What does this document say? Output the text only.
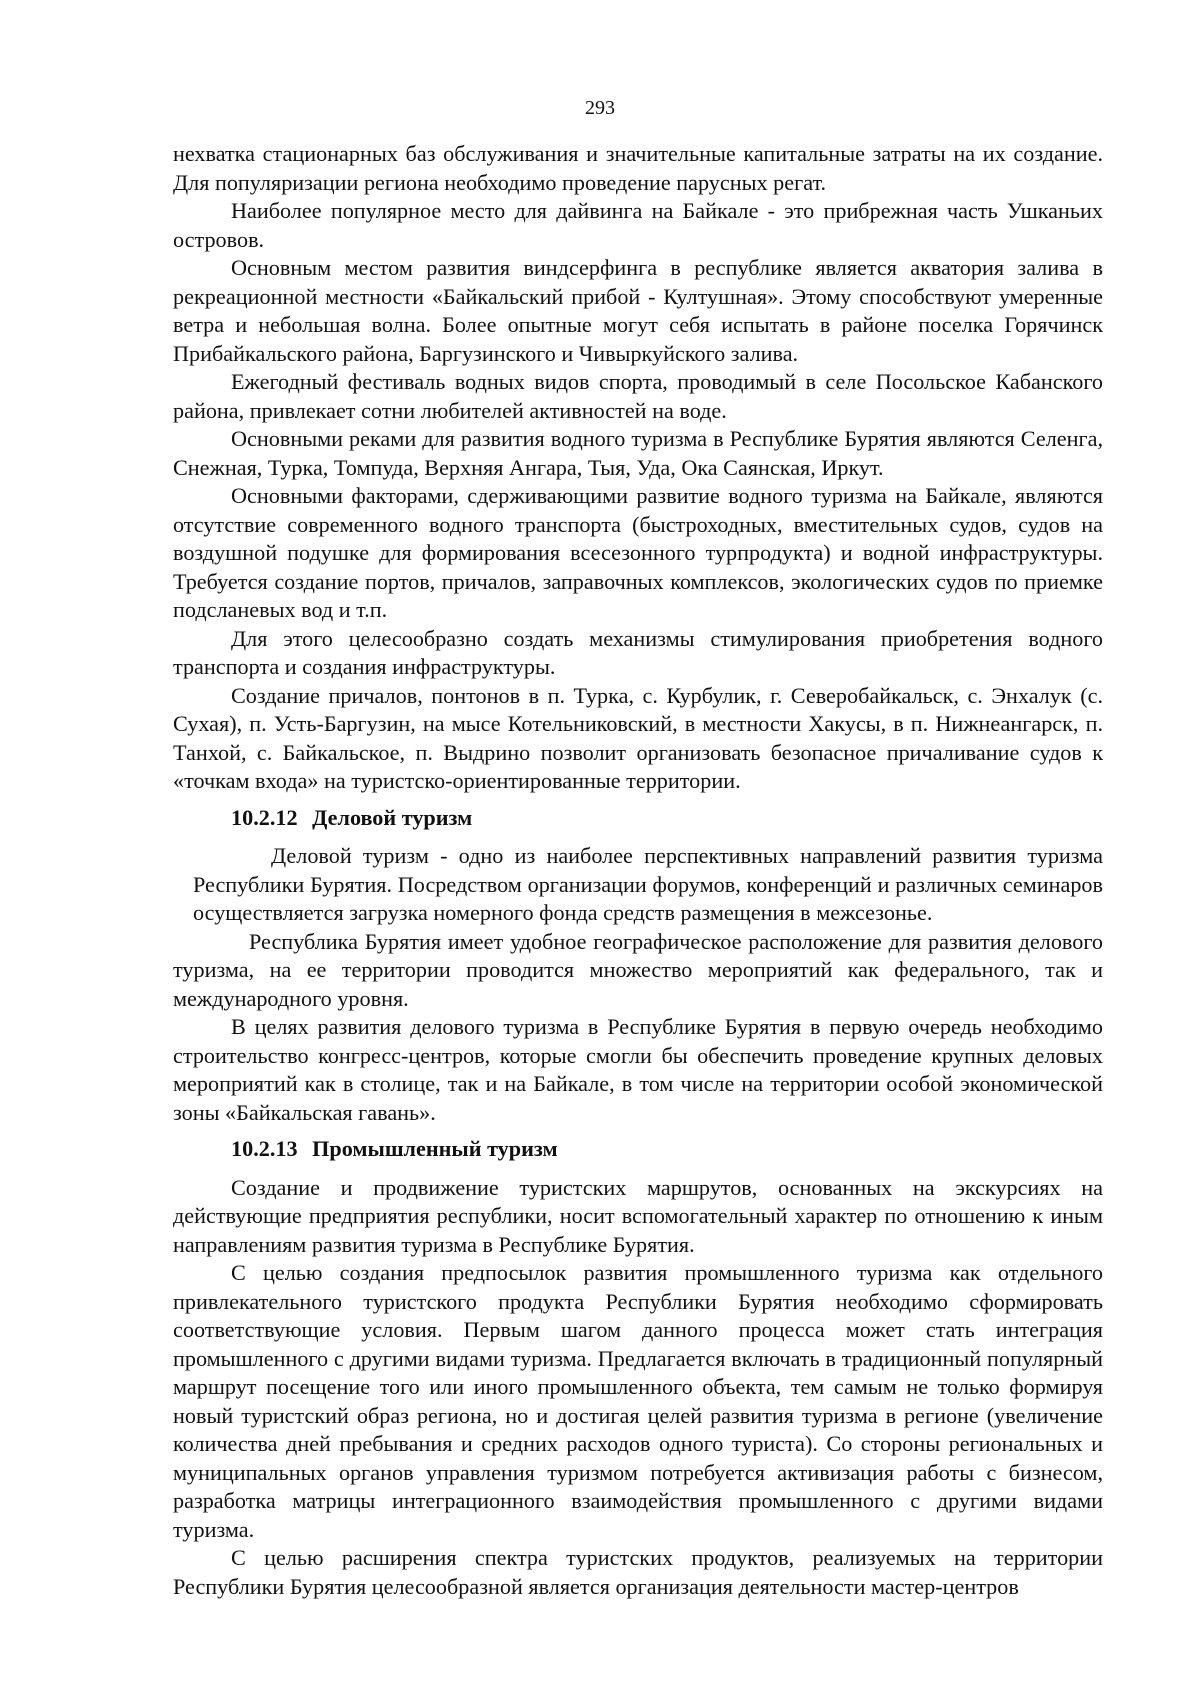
293

нехватка стационарных баз обслуживания и значительные капитальные затраты на их создание. Для популяризации региона необходимо проведение парусных регат.

Наиболее популярное место для дайвинга на Байкале - это прибрежная часть Ушканьих островов.

Основным местом развития виндсерфинга в республике является акватория залива в рекреационной местности «Байкальский прибой - Култушная». Этому способствуют умеренные ветра и небольшая волна. Более опытные могут себя испытать в районе поселка Горячинск Прибайкальского района, Баргузинского и Чивыркуйского залива.

Ежегодный фестиваль водных видов спорта, проводимый в селе Посольское Кабанского района, привлекает сотни любителей активностей на воде.

Основными реками для развития водного туризма в Республике Бурятия являются Селенга, Снежная, Турка, Томпуда, Верхняя Ангара, Тыя, Уда, Ока Саянская, Иркут.

Основными факторами, сдерживающими развитие водного туризма на Байкале, являются отсутствие современного водного транспорта (быстроходных, вместительных судов, судов на воздушной подушке для формирования всесезонного турпродукта) и водной инфраструктуры. Требуется создание портов, причалов, заправочных комплексов, экологических судов по приемке подсланевых вод и т.п.

Для этого целесообразно создать механизмы стимулирования приобретения водного транспорта и создания инфраструктуры.

Создание причалов, понтонов в п. Турка, с. Курбулик, г. Северобайкальск, с. Энхалук (с. Сухая), п. Усть-Баргузин, на мысе Котельниковский, в местности Хакусы, в п. Нижнеангарск, п. Танхой, с. Байкальское, п. Выдрино позволит организовать безопасное причаливание судов к «точкам входа» на туристско-ориентированные территории.

10.2.12 Деловой туризм

Деловой туризм - одно из наиболее перспективных направлений развития туризма Республики Бурятия. Посредством организации форумов, конференций и различных семинаров осуществляется загрузка номерного фонда средств размещения в межсезонье.

Республика Бурятия имеет удобное географическое расположение для развития делового туризма, на ее территории проводится множество мероприятий как федерального, так и международного уровня.

В целях развития делового туризма в Республике Бурятия в первую очередь необходимо строительство конгресс-центров, которые смогли бы обеспечить проведение крупных деловых мероприятий как в столице, так и на Байкале, в том числе на территории особой экономической зоны «Байкальская гавань».

10.2.13 Промышленный туризм

Создание и продвижение туристских маршрутов, основанных на экскурсиях на действующие предприятия республики, носит вспомогательный характер по отношению к иным направлениям развития туризма в Республике Бурятия.

С целью создания предпосылок развития промышленного туризма как отдельного привлекательного туристского продукта Республики Бурятия необходимо сформировать соответствующие условия. Первым шагом данного процесса может стать интеграция промышленного с другими видами туризма. Предлагается включать в традиционный популярный маршрут посещение того или иного промышленного объекта, тем самым не только формируя новый туристский образ региона, но и достигая целей развития туризма в регионе (увеличение количества дней пребывания и средних расходов одного туриста). Со стороны региональных и муниципальных органов управления туризмом потребуется активизация работы с бизнесом, разработка матрицы интеграционного взаимодействия промышленного с другими видами туризма.

С целью расширения спектра туристских продуктов, реализуемых на территории Республики Бурятия целесообразной является организация деятельности мастер-центров
